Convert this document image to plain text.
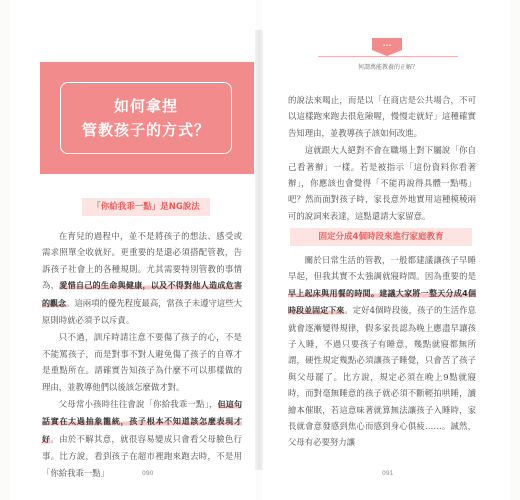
如何拿捏
管教孩子的方式？
「你給我乖一點」是NG說法

在育兒的過程中，並不是將孩子的想法、感受或需求照單全收就好。更重要的是還必須搭配管教，告訴孩子社會上的各種規則。尤其需要特別管教的事情為，愛惜自己的生命與健康，以及不得對他人造成危害的觀念。這兩項的優先程度最高，當孩子未遵守這些大原則時就必須予以斥責。

只不過，訓斥時請注意不要傷了孩子的心，不是不能罵孩子，而是對事不對人避免傷了孩子的自尊才是重點所在。請確實告知孩子為什麼不可以那樣做的理由，並教導他們以後該怎麼做才對。

父母常小孩時往往會說「你給我乖一點」，但這句話實在太過抽象籠統，孩子根本不知道該怎麼表現才好。由於不解其意，就很容易變成只會看父母臉色行事。比方說，看到孩子在超市裡跑來跑去時，不是用「你給我乖一點」	090
•••
何謂萬能教養的正解？

的說法來喝止，而是以「在商店是公共場合，不可以這樣跑來跑去很危險喔，慢慢走就好」這種確實告知理由，並教導孩子該如何改進。

這就跟大人絕對不會在職場上對下屬說「你自己看著辦」一樣。若是被指示「這份資料你看著辦」，你應該也會覺得「不能再說得具體一點嗎」吧？然而面對孩子時，家長意外地實用這種模稜兩可的說詞來表達，這點還請大家留意。

固定分成4個時段來進行家庭教育

關於日常生活的管教，一般都建議讓孩子早睡早起，但我其實不太強調就寢時間。因為重要的是早上起床與用餐的時間。建議大家將一整天分成4個時段並固定下來。定好4個時段後，孩子的生活作息就會逐漸變得規律，假多家長認為晚上應盡早讓孩子入睡，不過只要孩子有睡意，幾點就寢都無所謂，硬性規定幾點必須讓孩子睡覺，只會苦了孩子與父母罷了。比方說，規定必須在晚上9點就寢時，而對毫無睡意的孩子就必須不斷輕拍哄睡，讀繪本催眠，若這意味著就算無法讓孩子入睡時，家長就會意發感到焦心而感到身心俱疲……。誠然，父母有必要努力讓

091
